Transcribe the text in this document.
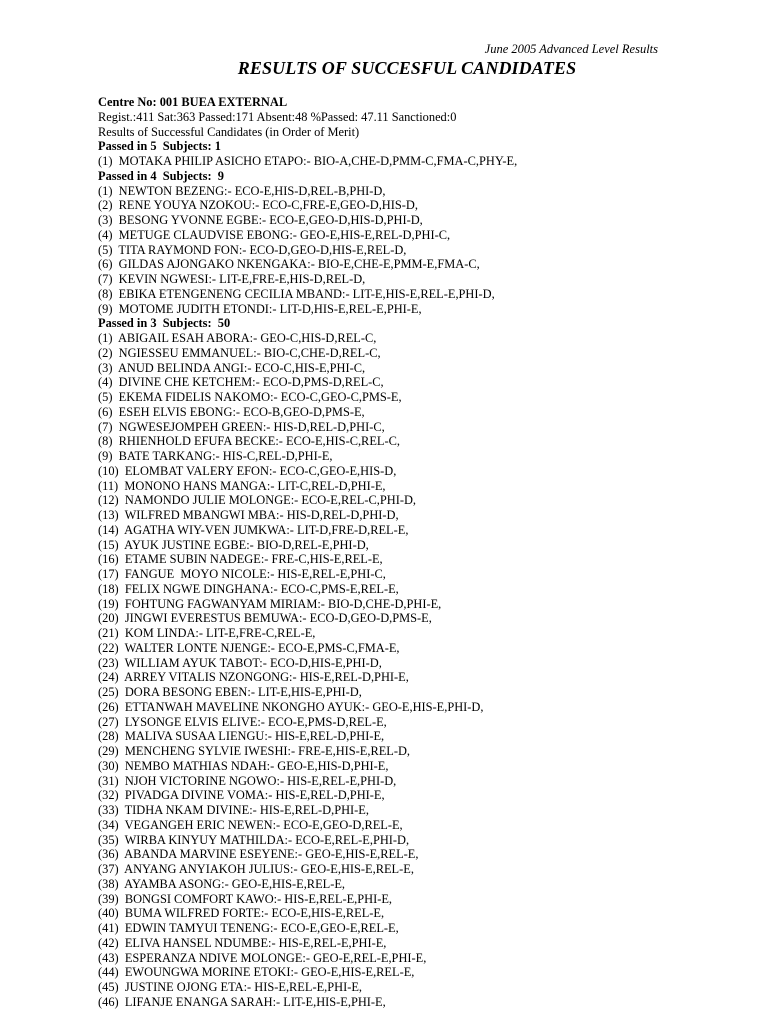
June 2005 Advanced Level Results
RESULTS OF SUCCESFUL CANDIDATES
Centre No: 001 BUEA EXTERNAL
Regist.:411 Sat:363 Passed:171 Absent:48 %Passed: 47.11 Sanctioned:0
Results of Successful Candidates (in Order of Merit)
Passed in 5  Subjects: 1
(1)  MOTAKA PHILIP ASICHO ETAPO:- BIO-A,CHE-D,PMM-C,FMA-C,PHY-E,
Passed in 4  Subjects:  9
(1)  NEWTON BEZENG:- ECO-E,HIS-D,REL-B,PHI-D,
(2)  RENE YOUYA NZOKOU:- ECO-C,FRE-E,GEO-D,HIS-D,
(3)  BESONG YVONNE EGBE:- ECO-E,GEO-D,HIS-D,PHI-D,
(4)  METUGE CLAUDVISE EBONG:- GEO-E,HIS-E,REL-D,PHI-C,
(5)  TITA RAYMOND FON:- ECO-D,GEO-D,HIS-E,REL-D,
(6)  GILDAS AJONGAKO NKENGAKA:- BIO-E,CHE-E,PMM-E,FMA-C,
(7)  KEVIN NGWESI:- LIT-E,FRE-E,HIS-D,REL-D,
(8)  EBIKA ETENGENENG CECILIA MBAND:- LIT-E,HIS-E,REL-E,PHI-D,
(9)  MOTOME JUDITH ETONDI:- LIT-D,HIS-E,REL-E,PHI-E,
Passed in 3  Subjects:  50
(1)  ABIGAIL ESAH ABORA:- GEO-C,HIS-D,REL-C,
(2)  NGIESSEU EMMANUEL:- BIO-C,CHE-D,REL-C,
(3)  ANUD BELINDA ANGI:- ECO-C,HIS-E,PHI-C,
(4)  DIVINE CHE KETCHEM:- ECO-D,PMS-D,REL-C,
(5)  EKEMA FIDELIS NAKOMO:- ECO-C,GEO-C,PMS-E,
(6)  ESEH ELVIS EBONG:- ECO-B,GEO-D,PMS-E,
(7)  NGWESEJOMPEH GREEN:- HIS-D,REL-D,PHI-C,
(8)  RHIENHOLD EFUFA BECKE:- ECO-E,HIS-C,REL-C,
(9)  BATE TARKANG:- HIS-C,REL-D,PHI-E,
(10)  ELOMBAT VALERY EFON:- ECO-C,GEO-E,HIS-D,
(11)  MONONO HANS MANGA:- LIT-C,REL-D,PHI-E,
(12)  NAMONDO JULIE MOLONGE:- ECO-E,REL-C,PHI-D,
(13)  WILFRED MBANGWI MBA:- HIS-D,REL-D,PHI-D,
(14)  AGATHA WIY-VEN JUMKWA:- LIT-D,FRE-D,REL-E,
(15)  AYUK JUSTINE EGBE:- BIO-D,REL-E,PHI-D,
(16)  ETAME SUBIN NADEGE:- FRE-C,HIS-E,REL-E,
(17)  FANGUE  MOYO NICOLE:- HIS-E,REL-E,PHI-C,
(18)  FELIX NGWE DINGHANA:- ECO-C,PMS-E,REL-E,
(19)  FOHTUNG FAGWANYAM MIRIAM:- BIO-D,CHE-D,PHI-E,
(20)  JINGWI EVERESTUS BEMUWA:- ECO-D,GEO-D,PMS-E,
(21)  KOM LINDA:- LIT-E,FRE-C,REL-E,
(22)  WALTER LONTE NJENGE:- ECO-E,PMS-C,FMA-E,
(23)  WILLIAM AYUK TABOT:- ECO-D,HIS-E,PHI-D,
(24)  ARREY VITALIS NZONGONG:- HIS-E,REL-D,PHI-E,
(25)  DORA BESONG EBEN:- LIT-E,HIS-E,PHI-D,
(26)  ETTANWAH MAVELINE NKONGHO AYUK:- GEO-E,HIS-E,PHI-D,
(27)  LYSONGE ELVIS ELIVE:- ECO-E,PMS-D,REL-E,
(28)  MALIVA SUSAA LIENGU:- HIS-E,REL-D,PHI-E,
(29)  MENCHENG SYLVIE IWESHI:- FRE-E,HIS-E,REL-D,
(30)  NEMBO MATHIAS NDAH:- GEO-E,HIS-D,PHI-E,
(31)  NJOH VICTORINE NGOWO:- HIS-E,REL-E,PHI-D,
(32)  PIVADGA DIVINE VOMA:- HIS-E,REL-D,PHI-E,
(33)  TIDHA NKAM DIVINE:- HIS-E,REL-D,PHI-E,
(34)  VEGANGEH ERIC NEWEN:- ECO-E,GEO-D,REL-E,
(35)  WIRBA KINYUY MATHILDA:- ECO-E,REL-E,PHI-D,
(36)  ABANDA MARVINE ESEYENE:- GEO-E,HIS-E,REL-E,
(37)  ANYANG ANYIAKOH JULIUS:- GEO-E,HIS-E,REL-E,
(38)  AYAMBA ASONG:- GEO-E,HIS-E,REL-E,
(39)  BONGSI COMFORT KAWO:- HIS-E,REL-E,PHI-E,
(40)  BUMA WILFRED FORTE:- ECO-E,HIS-E,REL-E,
(41)  EDWIN TAMYUI TENENG:- ECO-E,GEO-E,REL-E,
(42)  ELIVA HANSEL NDUMBE:- HIS-E,REL-E,PHI-E,
(43)  ESPERANZA NDIVE MOLONGE:- GEO-E,REL-E,PHI-E,
(44)  EWOUNGWA MORINE ETOKI:- GEO-E,HIS-E,REL-E,
(45)  JUSTINE OJONG ETA:- HIS-E,REL-E,PHI-E,
(46)  LIFANJE ENANGA SARAH:- LIT-E,HIS-E,PHI-E,
